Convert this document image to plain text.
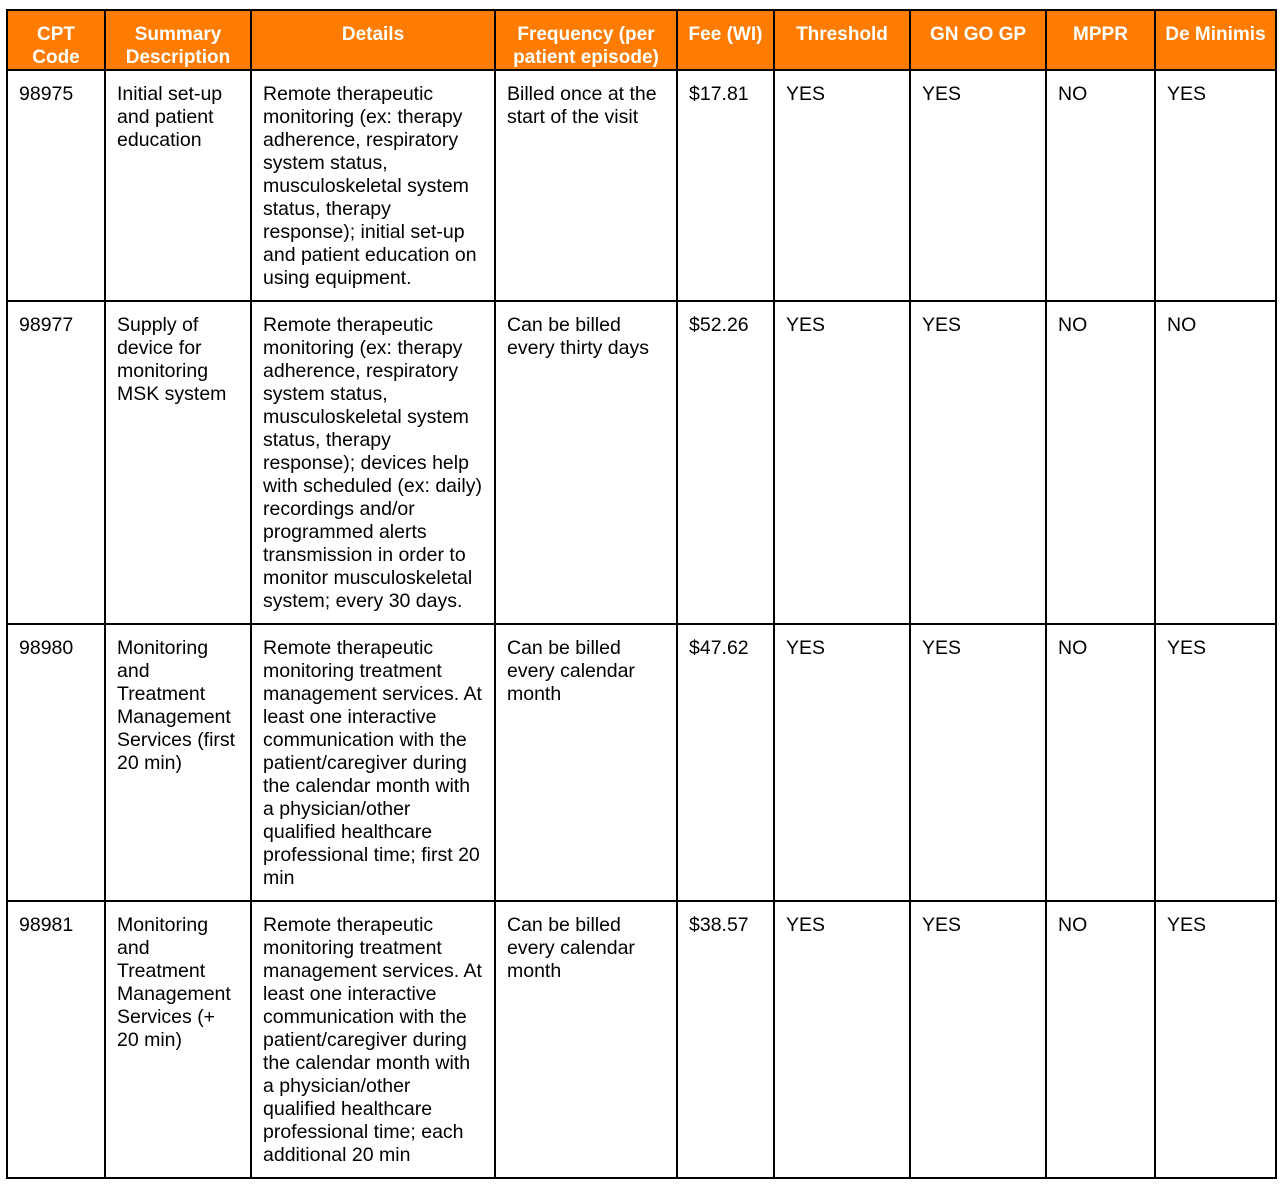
CPT Code	Summary Description	Details	Frequency (per patient episode)	Fee (WI)	Threshold	GN GO GP	MPPR	De Minimis
98975	Initial set-up and patient education	Remote therapeutic monitoring (ex: therapy adherence, respiratory system status, musculoskeletal system status, therapy response); initial set-up and patient education on using equipment.	Billed once at the start of the visit	$17.81	YES	YES	NO	YES
98977	Supply of device for monitoring MSK system	Remote therapeutic monitoring (ex: therapy adherence, respiratory system status, musculoskeletal system status, therapy response); devices help with scheduled (ex: daily) recordings and/or programmed alerts transmission in order to monitor musculoskeletal system; every 30 days.	Can be billed every thirty days	$52.26	YES	YES	NO	NO
98980	Monitoring and Treatment Management Services (first 20 min)	Remote therapeutic monitoring treatment management services. At least one interactive communication with the patient/caregiver during the calendar month with a physician/other qualified healthcare professional time; first 20 min	Can be billed every calendar month	$47.62	YES	YES	NO	YES
98981	Monitoring and Treatment Management Services (+ 20 min)	Remote therapeutic monitoring treatment management services. At least one interactive communication with the patient/caregiver during the calendar month with a physician/other qualified healthcare professional time; each additional 20 min	Can be billed every calendar month	$38.57	YES	YES	NO	YES
